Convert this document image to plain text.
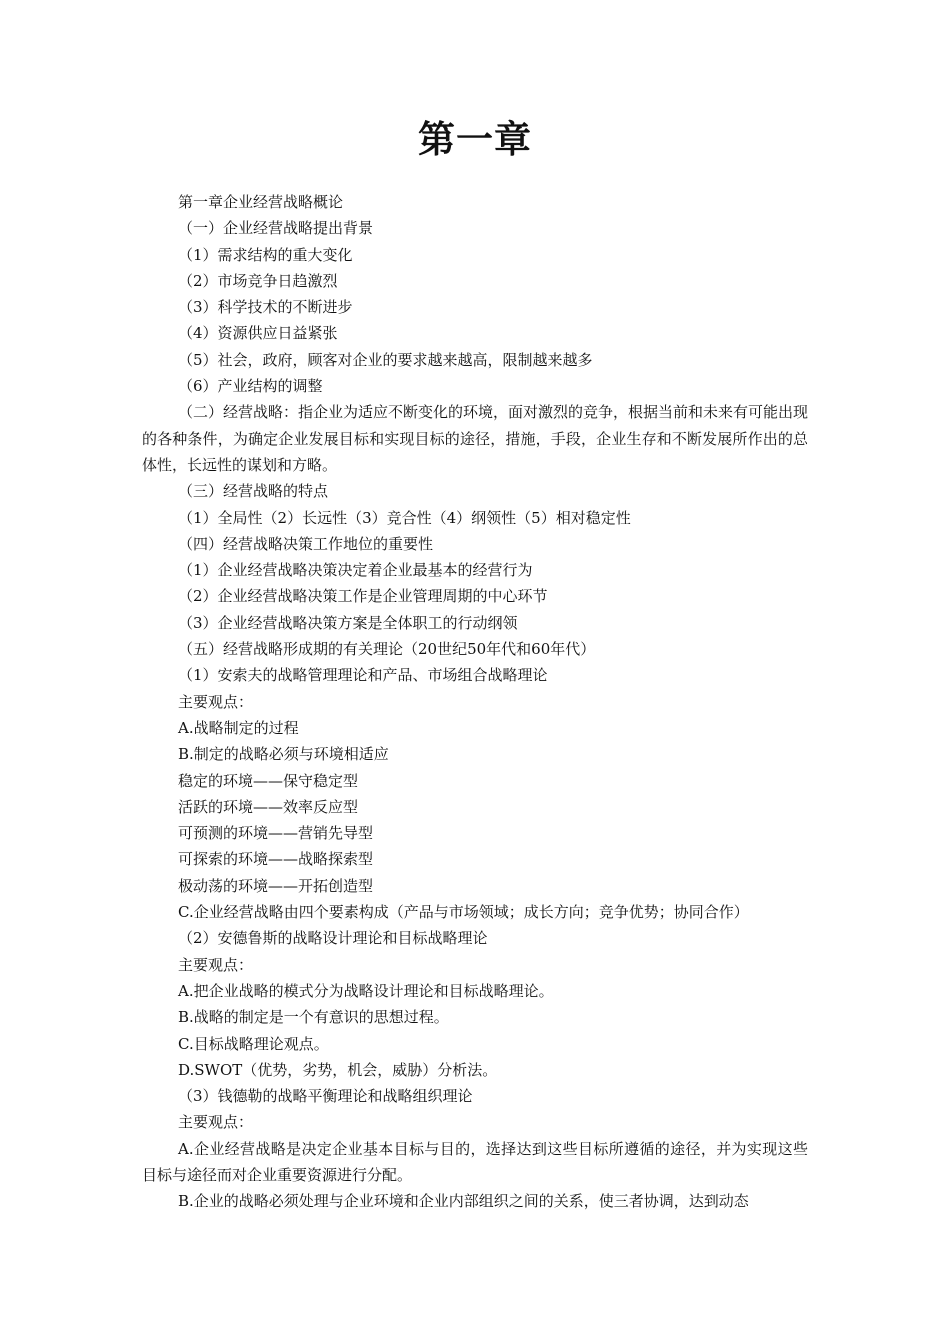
第一章

第一章企业经营战略概论

（一）企业经营战略提出背景

（1）需求结构的重大变化

（2）市场竞争日趋激烈

（3）科学技术的不断进步

（4）资源供应日益紧张

（5）社会，政府，顾客对企业的要求越来越高，限制越来越多

（6）产业结构的调整

（二）经营战略：指企业为适应不断变化的环境，面对激烈的竞争，根据当前和未来有可能出现的各种条件，为确定企业发展目标和实现目标的途径，措施，手段，企业生存和不断发展所作出的总体性，长远性的谋划和方略。

（三）经营战略的特点

（1）全局性（2）长远性（3）竞合性（4）纲领性（5）相对稳定性

（四）经营战略决策工作地位的重要性

（1）企业经营战略决策决定着企业最基本的经营行为

（2）企业经营战略决策工作是企业管理周期的中心环节

（3）企业经营战略决策方案是全体职工的行动纲领

（五）经营战略形成期的有关理论（20世纪50年代和60年代）

（1）安索夫的战略管理理论和产品、市场组合战略理论

主要观点：

A.战略制定的过程

B.制定的战略必须与环境相适应

稳定的环境——保守稳定型

活跃的环境——效率反应型

可预测的环境——营销先导型

可探索的环境——战略探索型

极动荡的环境——开拓创造型

C.企业经营战略由四个要素构成（产品与市场领域；成长方向；竞争优势；协同合作）

（2）安德鲁斯的战略设计理论和目标战略理论

主要观点：

A.把企业战略的模式分为战略设计理论和目标战略理论。

B.战略的制定是一个有意识的思想过程。

C.目标战略理论观点。

D.SWOT（优势，劣势，机会，威胁）分析法。

（3）钱德勒的战略平衡理论和战略组织理论

主要观点：

A.企业经营战略是决定企业基本目标与目的，选择达到这些目标所遵循的途径，并为实现这些目标与途径而对企业重要资源进行分配。

B.企业的战略必须处理与企业环境和企业内部组织之间的关系，使三者协调，达到动态
